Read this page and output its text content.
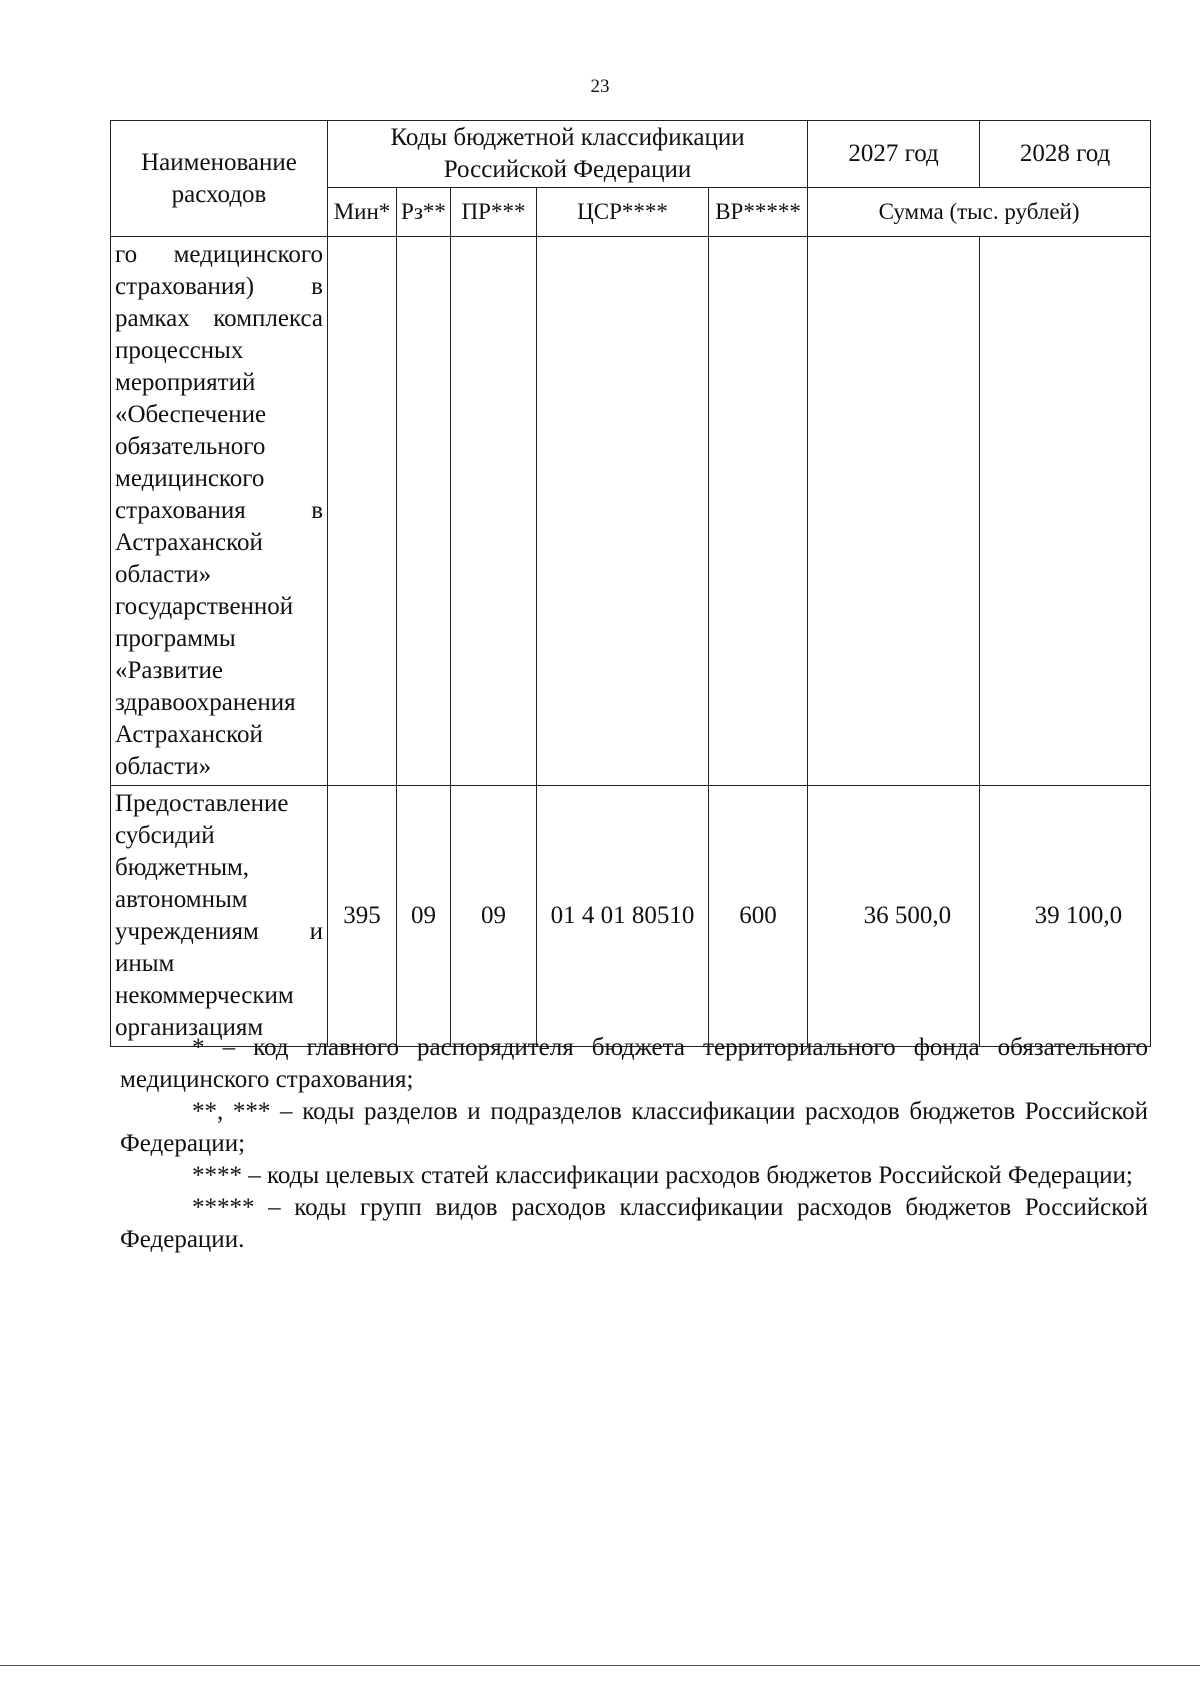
23
Наименование расходов	Коды бюджетной классификации Российской Федерации					2027 год	2028 год
	Мин*	Рз**	ПР***	ЦСР****	ВР*****	Сумма (тыс. рублей)	
го медицинского страхования) в рамках комплекса процессных мероприятий «Обеспечение обязательного медицинского страхования в Астраханской области» государственной программы «Развитие здравоохранения Астраханской области»							
Предоставление субсидий бюджетным, автономным учреждениям и иным некоммерческим организациям	395	09	09	01 4 01 80510	600	36 500,0	39 100,0

* – код главного распорядителя бюджета территориального фонда обязательного медицинского страхования;

**, *** – коды разделов и подразделов классификации расходов бюджетов Российской Федерации;

**** – коды целевых статей классификации расходов бюджетов Российской Федерации;

***** – коды групп видов расходов классификации расходов бюджетов Российской Федерации.
